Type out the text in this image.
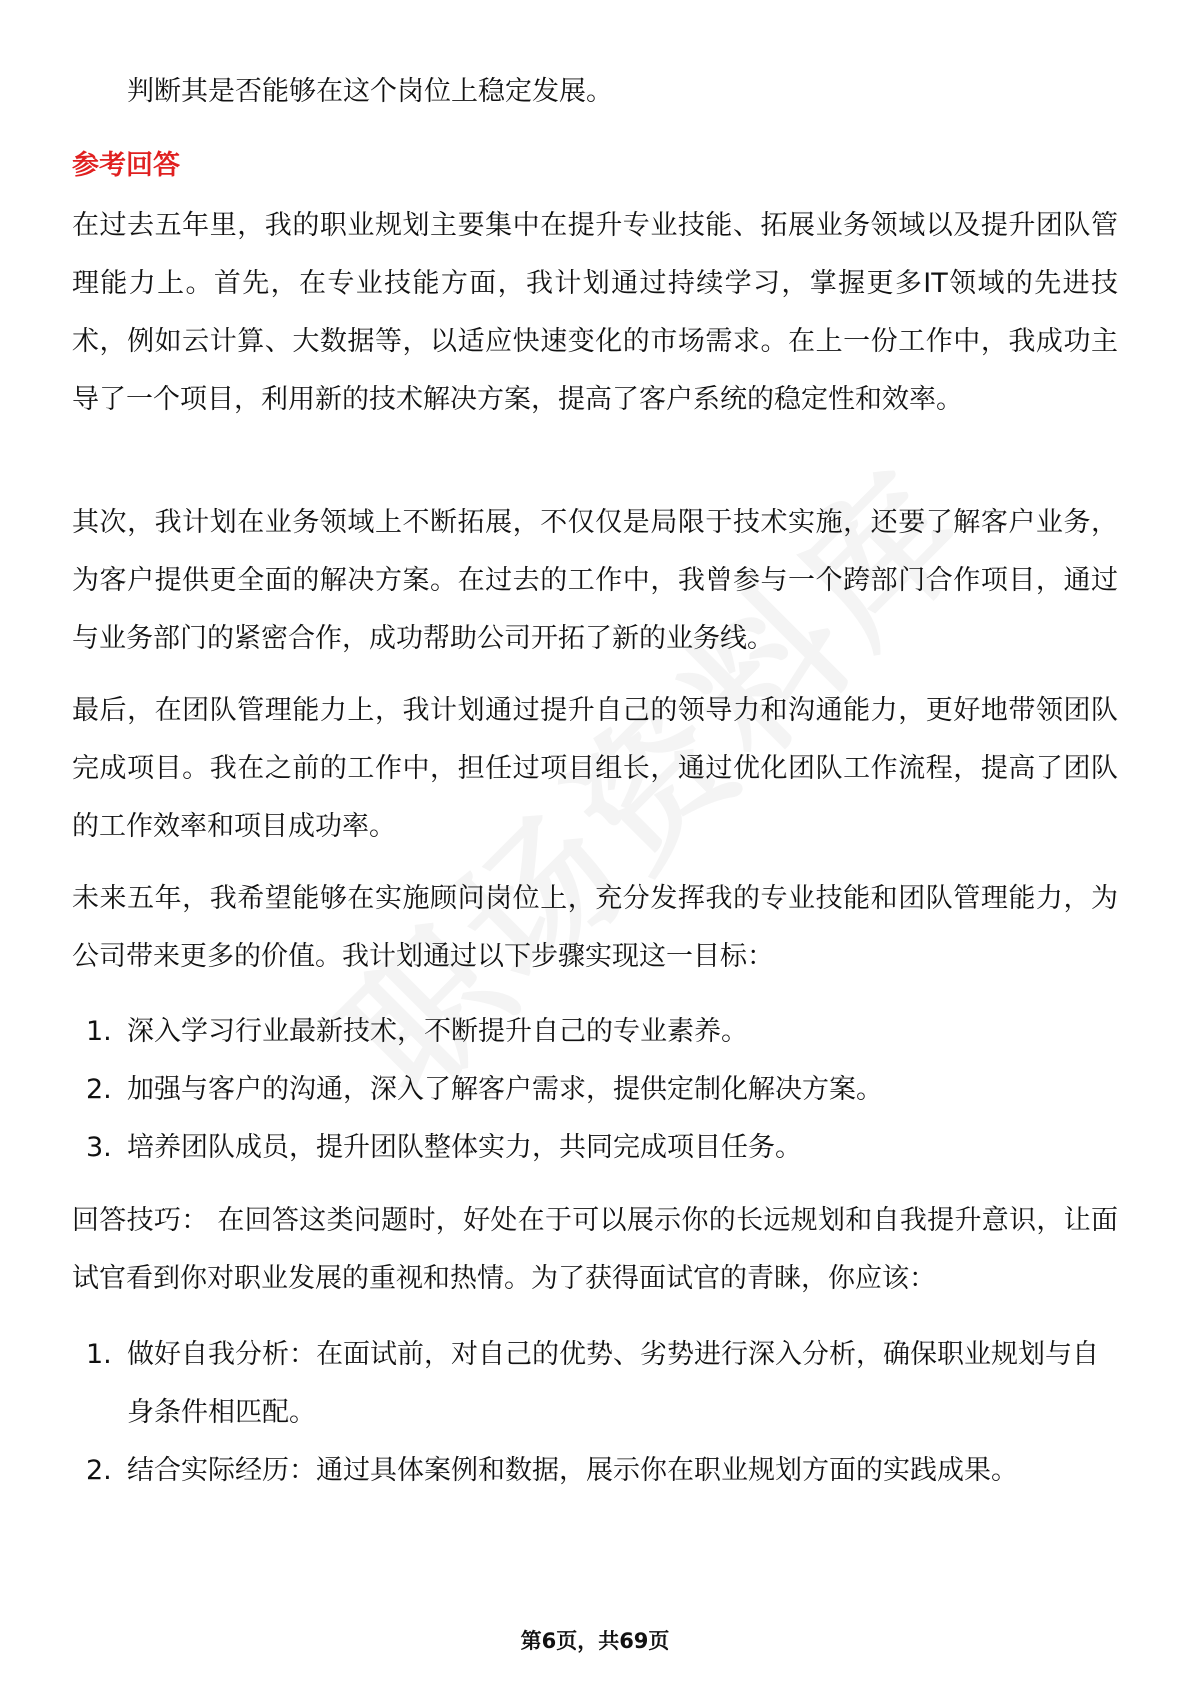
判断其是否能够在这个岗位上稳定发展。

参考回答

在过去五年里，我的职业规划主要集中在提升专业技能、拓展业务领域以及提升团队管理能力上。首先，在专业技能方面，我计划通过持续学习，掌握更多IT领域的先进技术，例如云计算、大数据等，以适应快速变化的市场需求。在上一份工作中，我成功主导了一个项目，利用新的技术解决方案，提高了客户系统的稳定性和效率。

其次，我计划在业务领域上不断拓展，不仅仅是局限于技术实施，还要了解客户业务，为客户提供更全面的解决方案。在过去的工作中，我曾参与一个跨部门合作项目，通过与业务部门的紧密合作，成功帮助公司开拓了新的业务线。

最后，在团队管理能力上，我计划通过提升自己的领导力和沟通能力，更好地带领团队完成项目。我在之前的工作中，担任过项目组长，通过优化团队工作流程，提高了团队的工作效率和项目成功率。

未来五年，我希望能够在实施顾问岗位上，充分发挥我的专业技能和团队管理能力，为公司带来更多的价值。我计划通过以下步骤实现这一目标：

1. 深入学习行业最新技术，不断提升自己的专业素养。
2. 加强与客户的沟通，深入了解客户需求，提供定制化解决方案。
3. 培养团队成员，提升团队整体实力，共同完成项目任务。

回答技巧： 在回答这类问题时，好处在于可以展示你的长远规划和自我提升意识，让面试官看到你对职业发展的重视和热情。为了获得面试官的青睐，你应该：

1. 做好自我分析：在面试前，对自己的优势、劣势进行深入分析，确保职业规划与自身条件相匹配。
2. 结合实际经历：通过具体案例和数据，展示你在职业规划方面的实践成果。
第6页，共69页
